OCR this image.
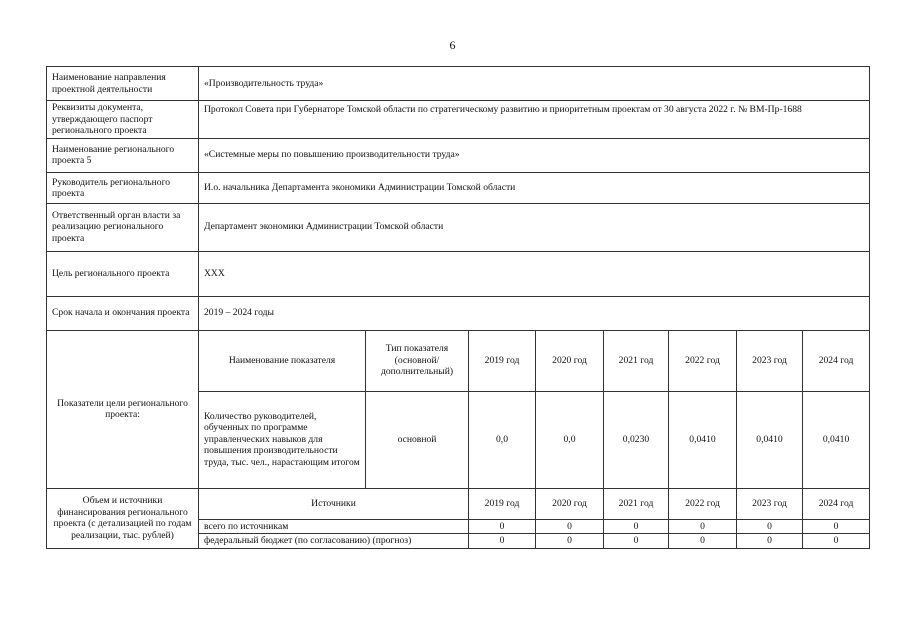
6
Наименование направления проектной деятельности	«Производительность труда»							
Реквизиты документа, утверждающего паспорт регионального проекта	Протокол Совета при Губернаторе Томской области по стратегическому развитию и приоритетным проектам от 30 августа 2022 г. № ВМ-Пр-1688							
Наименование регионального проекта 5	«Системные меры по повышению производительности труда»							
Руководитель регионального проекта	И.о. начальника Департамента экономики Администрации Томской области							
Ответственный орган власти за реализацию регионального проекта	Департамент экономики Администрации Томской области							
Цель регионального проекта	ХХХ							
Срок начала и окончания проекта	2019 – 2024 годы							
Показатели цели регионального проекта:	Наименование показателя	Тип показателя (основной/ дополнительный)	2019 год	2020 год	2021 год	2022 год	2023 год	2024 год
	Количество руководителей, обученных по программе управленческих навыков для повышения производительности труда, тыс. чел., нарастающим итогом	основной	0,0	0,0	0,0230	0,0410	0,0410	0,0410
Объем и источники финансирования регионального проекта (с детализацией по годам реализации, тыс. рублей)	Источники		2019 год	2020 год	2021 год	2022 год	2023 год	2024 год
	всего по источникам		0	0	0	0	0	0
	федеральный бюджет (по согласованию) (прогноз)		0	0	0	0	0	0
